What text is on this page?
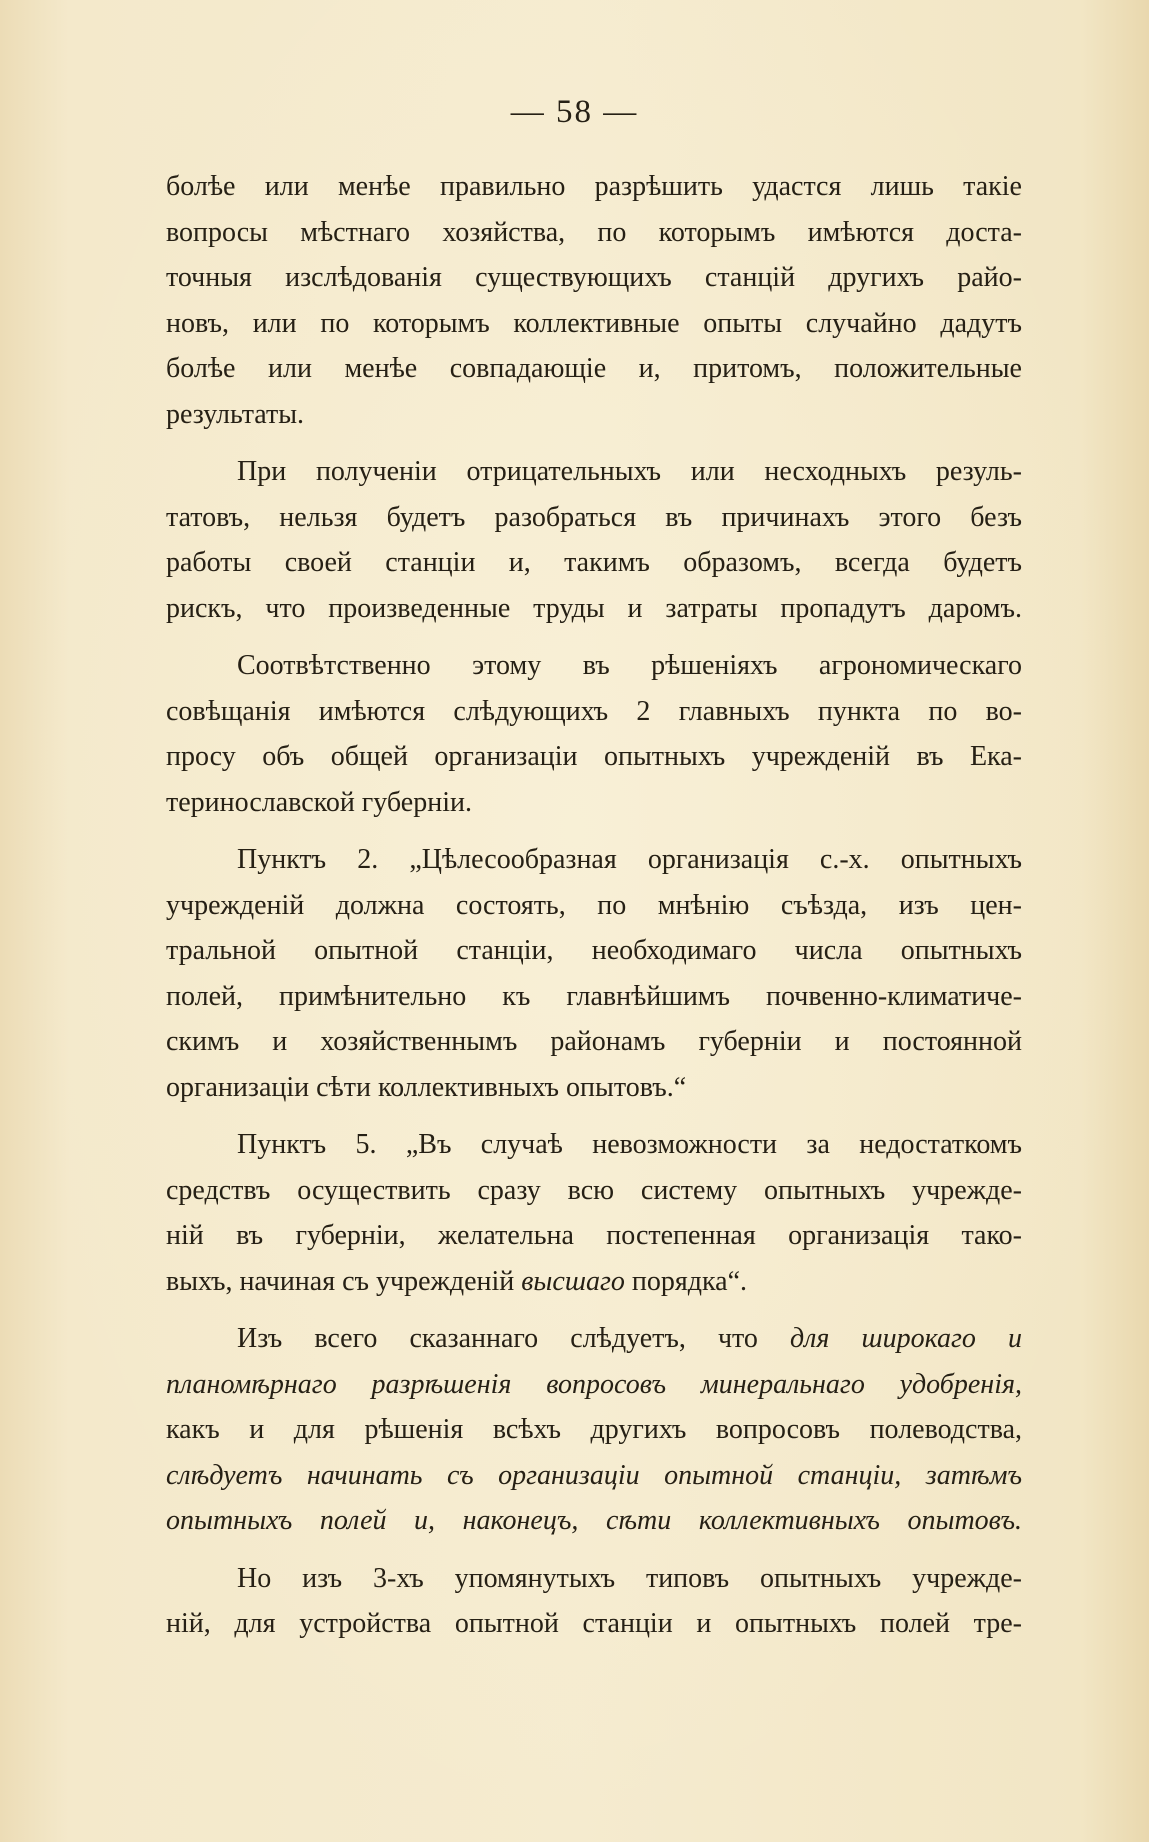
— 58 —
болѣе или менѣе правильно разрѣшить удастся лишь такіе
вопросы мѣстнаго хозяйства, по которымъ имѣются доста-
точныя изслѣдованія существующихъ станцій другихъ райо-
новъ, или по которымъ коллективные опыты случайно дадутъ
болѣе или менѣе совпадающіе и, притомъ, положительные
результаты.
При полученіи отрицательныхъ или несходныхъ резуль-
татовъ, нельзя будетъ разобраться въ причинахъ этого безъ
работы своей станціи и, такимъ образомъ, всегда будетъ
рискъ, что произведенные труды и затраты пропадутъ даромъ.
Соотвѣтственно этому въ рѣшеніяхъ агрономическаго
совѣщанія имѣются слѣдующихъ 2 главныхъ пункта по во-
просу объ общей организаціи опытныхъ учрежденій въ Ека-
теринославской губерніи.
Пунктъ 2. „Цѣлесообразная организація с.-х. опытныхъ
учрежденій должна состоять, по мнѣнію съѣзда, изъ цен-
тральной опытной станціи, необходимаго числа опытныхъ
полей, примѣнительно къ главнѣйшимъ почвенно-климатиче-
скимъ и хозяйственнымъ районамъ губерніи и постоянной
организаціи сѣти коллективныхъ опытовъ.“
Пунктъ 5. „Въ случаѣ невозможности за недостаткомъ
средствъ осуществить сразу всю систему опытныхъ учрежде-
ній въ губерніи, желательна постепенная организація тако-
выхъ, начиная съ учрежденій высшаго порядка“.
Изъ всего сказаннаго слѣдуетъ, что для широкаго и
планомѣрнаго разрѣшенія вопросовъ минеральнаго удобренія,
какъ и для рѣшенія всѣхъ другихъ вопросовъ полеводства,
слѣдуетъ начинать съ организаціи опытной станціи, затѣмъ
опытныхъ полей и, наконецъ, сѣти коллективныхъ опытовъ.
Но изъ 3-хъ упомянутыхъ типовъ опытныхъ учрежде-
ній, для устройства опытной станціи и опытныхъ полей тре-
